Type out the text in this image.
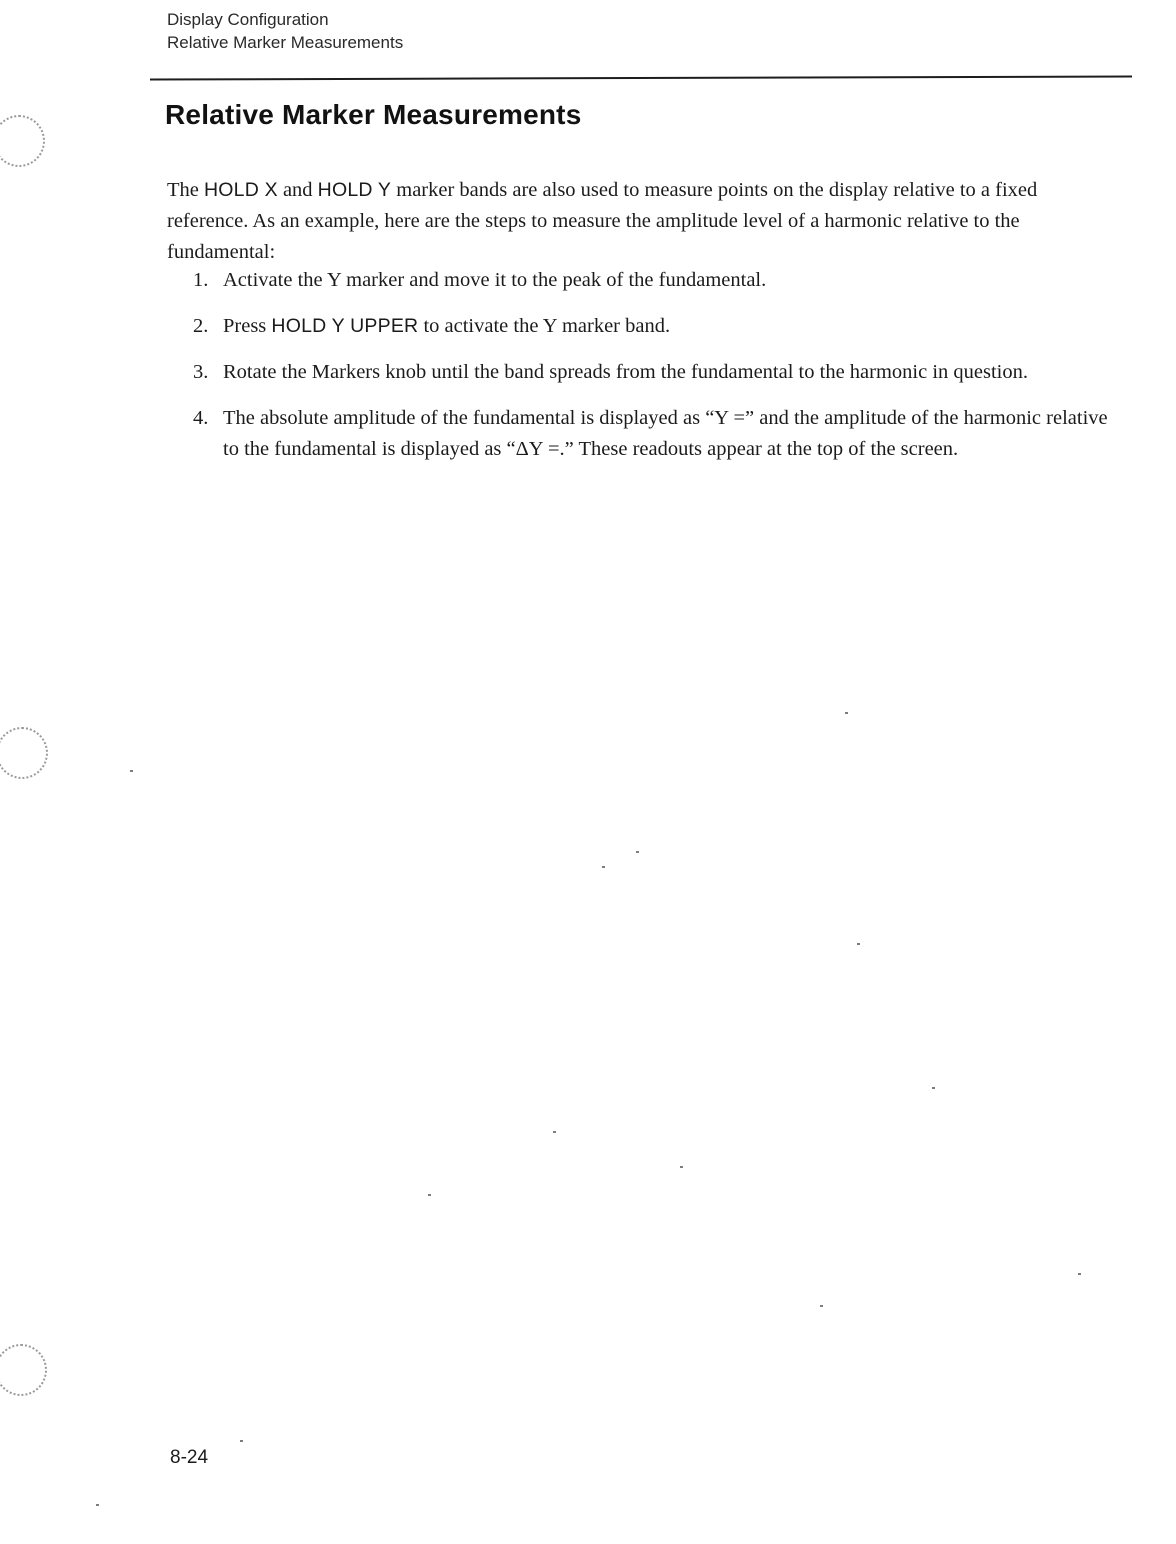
Display Configuration
Relative Marker Measurements
Relative Marker Measurements

The HOLD X and HOLD Y marker bands are also used to measure points on the display relative to a fixed reference. As an example, here are the steps to measure the amplitude level of a harmonic relative to the fundamental:

1. Activate the Y marker and move it to the peak of the fundamental.
2. Press HOLD Y UPPER to activate the Y marker band.
3. Rotate the Markers knob until the band spreads from the fundamental to the harmonic in question.
4. The absolute amplitude of the fundamental is displayed as “Y =” and the amplitude of the harmonic relative to the fundamental is displayed as “ΔY =.” These readouts appear at the top of the screen.
8-24
